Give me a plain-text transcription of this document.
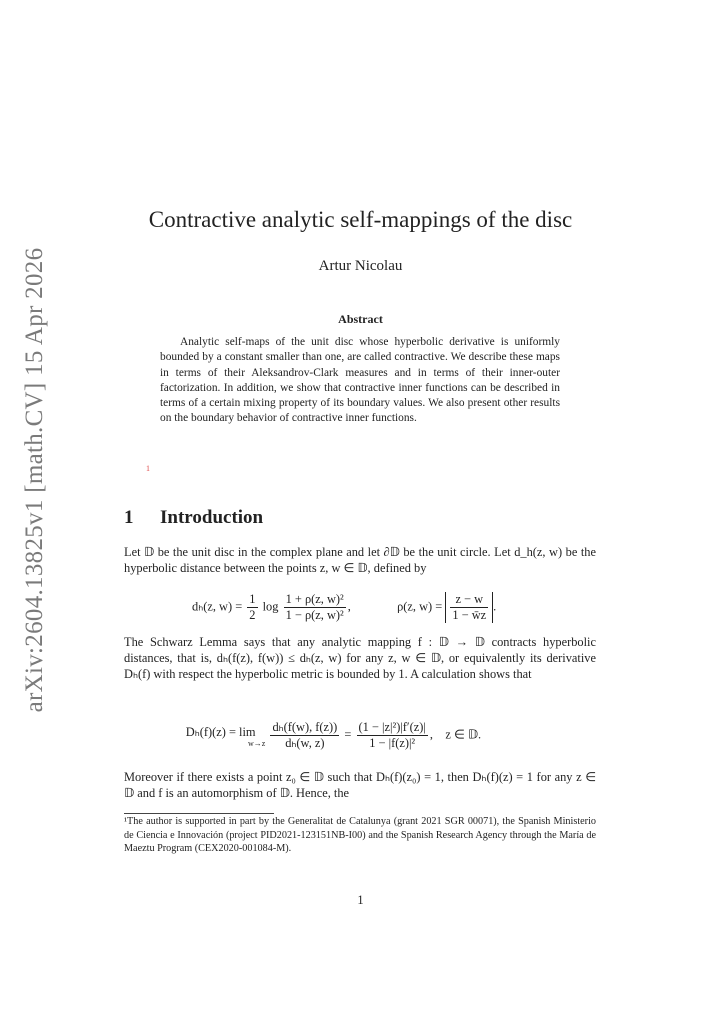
arXiv:2604.13825v1 [math.CV] 15 Apr 2026
Contractive analytic self-mappings of the disc
Artur Nicolau
Abstract

Analytic self-maps of the unit disc whose hyperbolic derivative is uniformly bounded by a constant smaller than one, are called contractive. We describe these maps in terms of their Aleksandrov-Clark measures and in terms of their inner-outer factorization. In addition, we show that contractive inner functions can be described in terms of a certain mixing property of its boundary values. We also present other results on the boundary behavior of contractive inner functions.

1
1 Introduction

Let 𝔻 be the unit disc in the complex plane and let ∂𝔻 be the unit circle. Let d_h(z, w) be the hyperbolic distance between the points z, w ∈ 𝔻, defined by

dₕ(z, $w) = \frac{1}{2}$ $\log \frac{\text{1 + ρ(z, w)²}}{\text{1 − ρ(z, w)²}}$ ,	ρ(z, $w) = \frac{z - w}{1 - w̄z}$ .

The Schwarz Lemma says that any analytic mapping f : 𝔻 → 𝔻 contracts hyperbolic distances, that is, dₕ(f(z), f(w)) ≤ dₕ(z, w) for any z, w ∈ 𝔻, or equivalently its derivative Dₕ(f) with respect the hyperbolic metric is bounded by 1. A calculation shows that

Dₕ(f)(z) = lim
w→z
$\frac{\text{dₕ(f(w), f(z))}}{\text{dₕ(w, z)}} = \frac{\text{(1 − |z|²)|f′(z)|}}{\text{1 − |f(z)|²}}$ ,    z ∈ 𝔻.

Moreover if there exists a point z₀ ∈ 𝔻 such that Dₕ(f)(z₀) = 1, then Dₕ(f)(z) = 1 for any z ∈ 𝔻 and f is an automorphism of 𝔻. Hence, the

¹The author is supported in part by the Generalitat de Catalunya (grant 2021 SGR 00071), the Spanish Ministerio de Ciencia e Innovación (project PID2021-123151NB-I00) and the Spanish Research Agency through the María de Maeztu Program (CEX2020-001084-M).
1
